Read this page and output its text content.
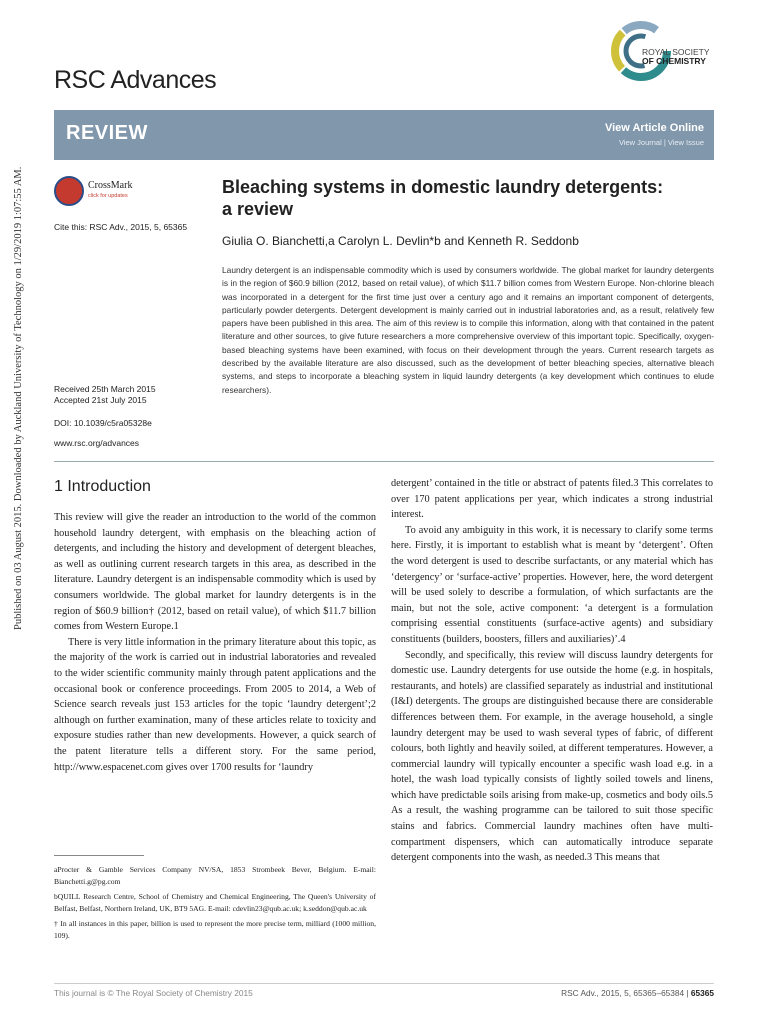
Published on 03 August 2015. Downloaded by Auckland University of Technology on 1/29/2019 1:07:55 AM.
RSC Advances
ROYAL SOCIETY
OF CHEMISTRY
REVIEW	View Article Online
View Journal | View Issue
CrossMark
click for updates
Cite this: RSC Adv., 2015, 5, 65365
Received 25th March 2015
Accepted 21st July 2015
DOI: 10.1039/c5ra05328e
www.rsc.org/advances
Bleaching systems in domestic laundry detergents:
a review
Giulia O. Bianchetti,a Carolyn L. Devlin*b and Kenneth R. Seddonb
Laundry detergent is an indispensable commodity which is used by consumers worldwide. The global market for laundry detergents is in the region of $60.9 billion (2012, based on retail value), of which $11.7 billion comes from Western Europe. Non-chlorine bleach was incorporated in a detergent for the first time just over a century ago and it remains an important component of detergents, particularly powder detergents. Detergent development is mainly carried out in industrial laboratories and, as a result, relatively few papers have been published in this area. The aim of this review is to compile this information, along with that contained in the patent literature and other sources, to give future researchers a more comprehensive overview of this important topic. Specifically, oxygen-based bleaching systems have been examined, with focus on their development through the years. Current research targets as described by the available literature are also discussed, such as the development of better bleaching species, alternative bleach systems, and steps to incorporate a bleaching system in liquid laundry detergents (a key development which continues to elude researchers).
1 Introduction

This review will give the reader an introduction to the world of the common household laundry detergent, with emphasis on the bleaching action of detergents, and including the history and development of detergent bleaches, as well as outlining current research targets in this area, as described in the literature. Laundry detergent is an indispensable commodity which is used by consumers worldwide. The global market for laundry detergents is in the region of $60.9 billion† (2012, based on retail value), of which $11.7 billion comes from Western Europe.1

There is very little information in the primary literature about this topic, as the majority of the work is carried out in industrial laboratories and revealed to the wider scientific community mainly through patent applications and the occasional book or conference proceedings. From 2005 to 2014, a Web of Science search reveals just 153 articles for the topic ‘laundry detergent’;2 although on further examination, many of these articles relate to toxicity and exposure studies rather than new developments. However, a quick search of the patent literature tells a different story. For the same period, http://www.espacenet.com gives over 1700 results for ‘laundry

detergent’ contained in the title or abstract of patents filed.3 This correlates to over 170 patent applications per year, which indicates a strong industrial interest.

To avoid any ambiguity in this work, it is necessary to clarify some terms here. Firstly, it is important to establish what is meant by ‘detergent’. Often the word detergent is used to describe surfactants, or any material which has ‘detergency’ or ‘surface-active’ properties. However, here, the word detergent will be used solely to describe a formulation, of which surfactants are the main, but not the sole, active component: ‘a detergent is a formulation comprising essential constituents (surface-active agents) and subsidiary constituents (builders, boosters, fillers and auxiliaries)’.4

Secondly, and specifically, this review will discuss laundry detergents for domestic use. Laundry detergents for use outside the home (e.g. in hospitals, restaurants, and hotels) are classified separately as industrial and institutional (I&I) detergents. The groups are distinguished because there are considerable differences between them. For example, in the average household, a single laundry detergent may be used to wash several types of fabric, of different colours, both lightly and heavily soiled, at different temperatures. However, a commercial laundry will typically encounter a specific wash load e.g. in a hotel, the wash load typically consists of lightly soiled towels and linens, which have predictable soils arising from make-up, cosmetics and body oils.5 As a result, the washing programme can be tailored to suit those specific stains and fabrics. Commercial laundry machines often have multi-compartment dispensers, which can automatically introduce separate detergent components into the wash, as needed.3 This means that

aProcter & Gamble Services Company NV/SA, 1853 Strombeek Bever, Belgium. E-mail: Bianchetti.g@pg.com

bQUILL Research Centre, School of Chemistry and Chemical Engineering, The Queen's University of Belfast, Belfast, Northern Ireland, UK, BT9 5AG. E-mail: cdevlin23@qub.ac.uk; k.seddon@qub.ac.uk

† In all instances in this paper, billion is used to represent the more precise term, milliard (1000 million, 109).

This journal is © The Royal Society of Chemistry 2015	RSC Adv., 2015, 5, 65365–65384 | 65365
